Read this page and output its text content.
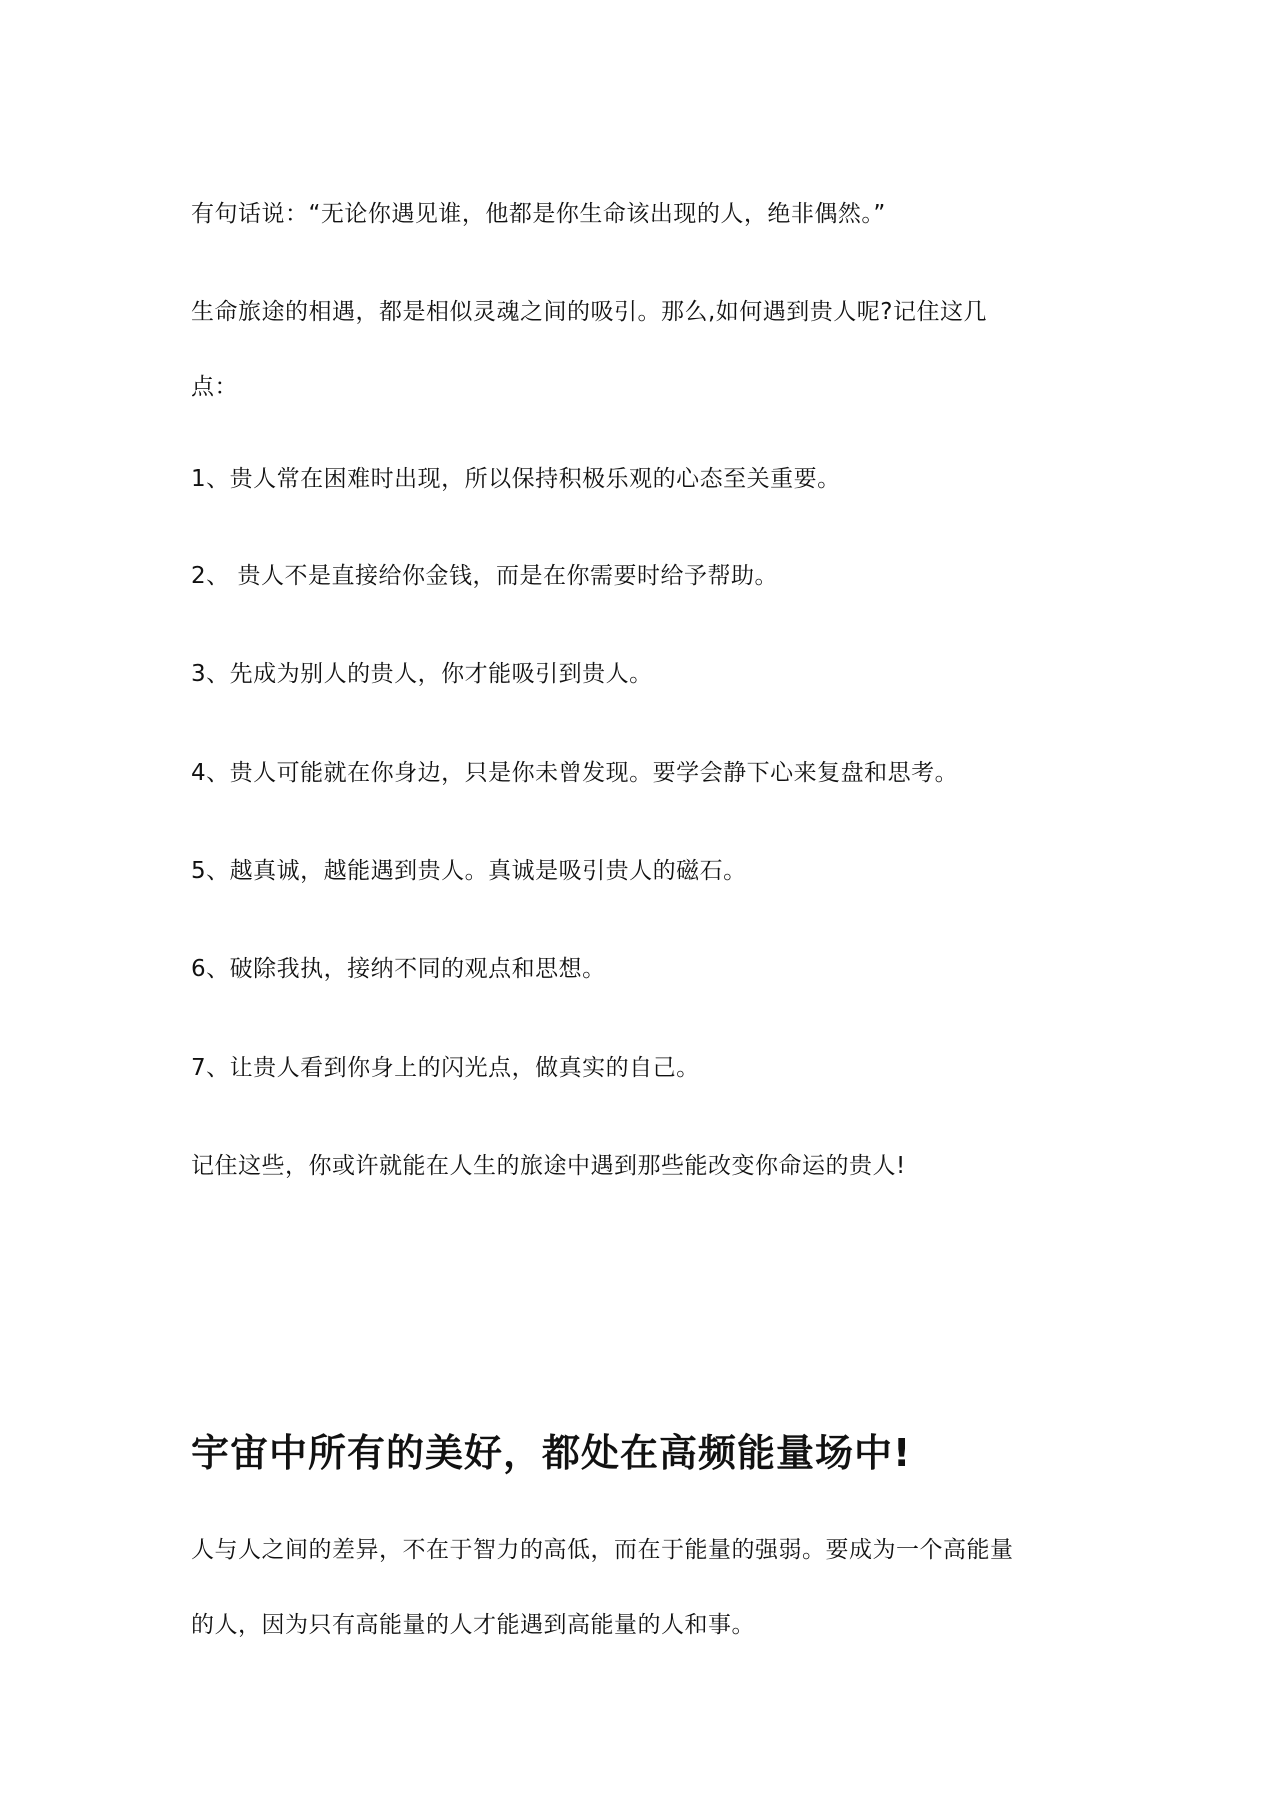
有句话说：“无论你遇见谁，他都是你生命该出现的人，绝非偶然。”

生命旅途的相遇，都是相似灵魂之间的吸引。那么,如何遇到贵人呢?记住这几

点：

1、贵人常在困难时出现，所以保持积极乐观的心态至关重要。

2、 贵人不是直接给你金钱，而是在你需要时给予帮助。

3、先成为别人的贵人，你才能吸引到贵人。

4、贵人可能就在你身边，只是你未曾发现。要学会静下心来复盘和思考。

5、越真诚，越能遇到贵人。真诚是吸引贵人的磁石。

6、破除我执，接纳不同的观点和思想。

7、让贵人看到你身上的闪光点，做真实的自己。

记住这些，你或许就能在人生的旅途中遇到那些能改变你命运的贵人!

宇宙中所有的美好，都处在高频能量场中!

人与人之间的差异，不在于智力的高低，而在于能量的强弱。要成为一个高能量

的人，因为只有高能量的人才能遇到高能量的人和事。
